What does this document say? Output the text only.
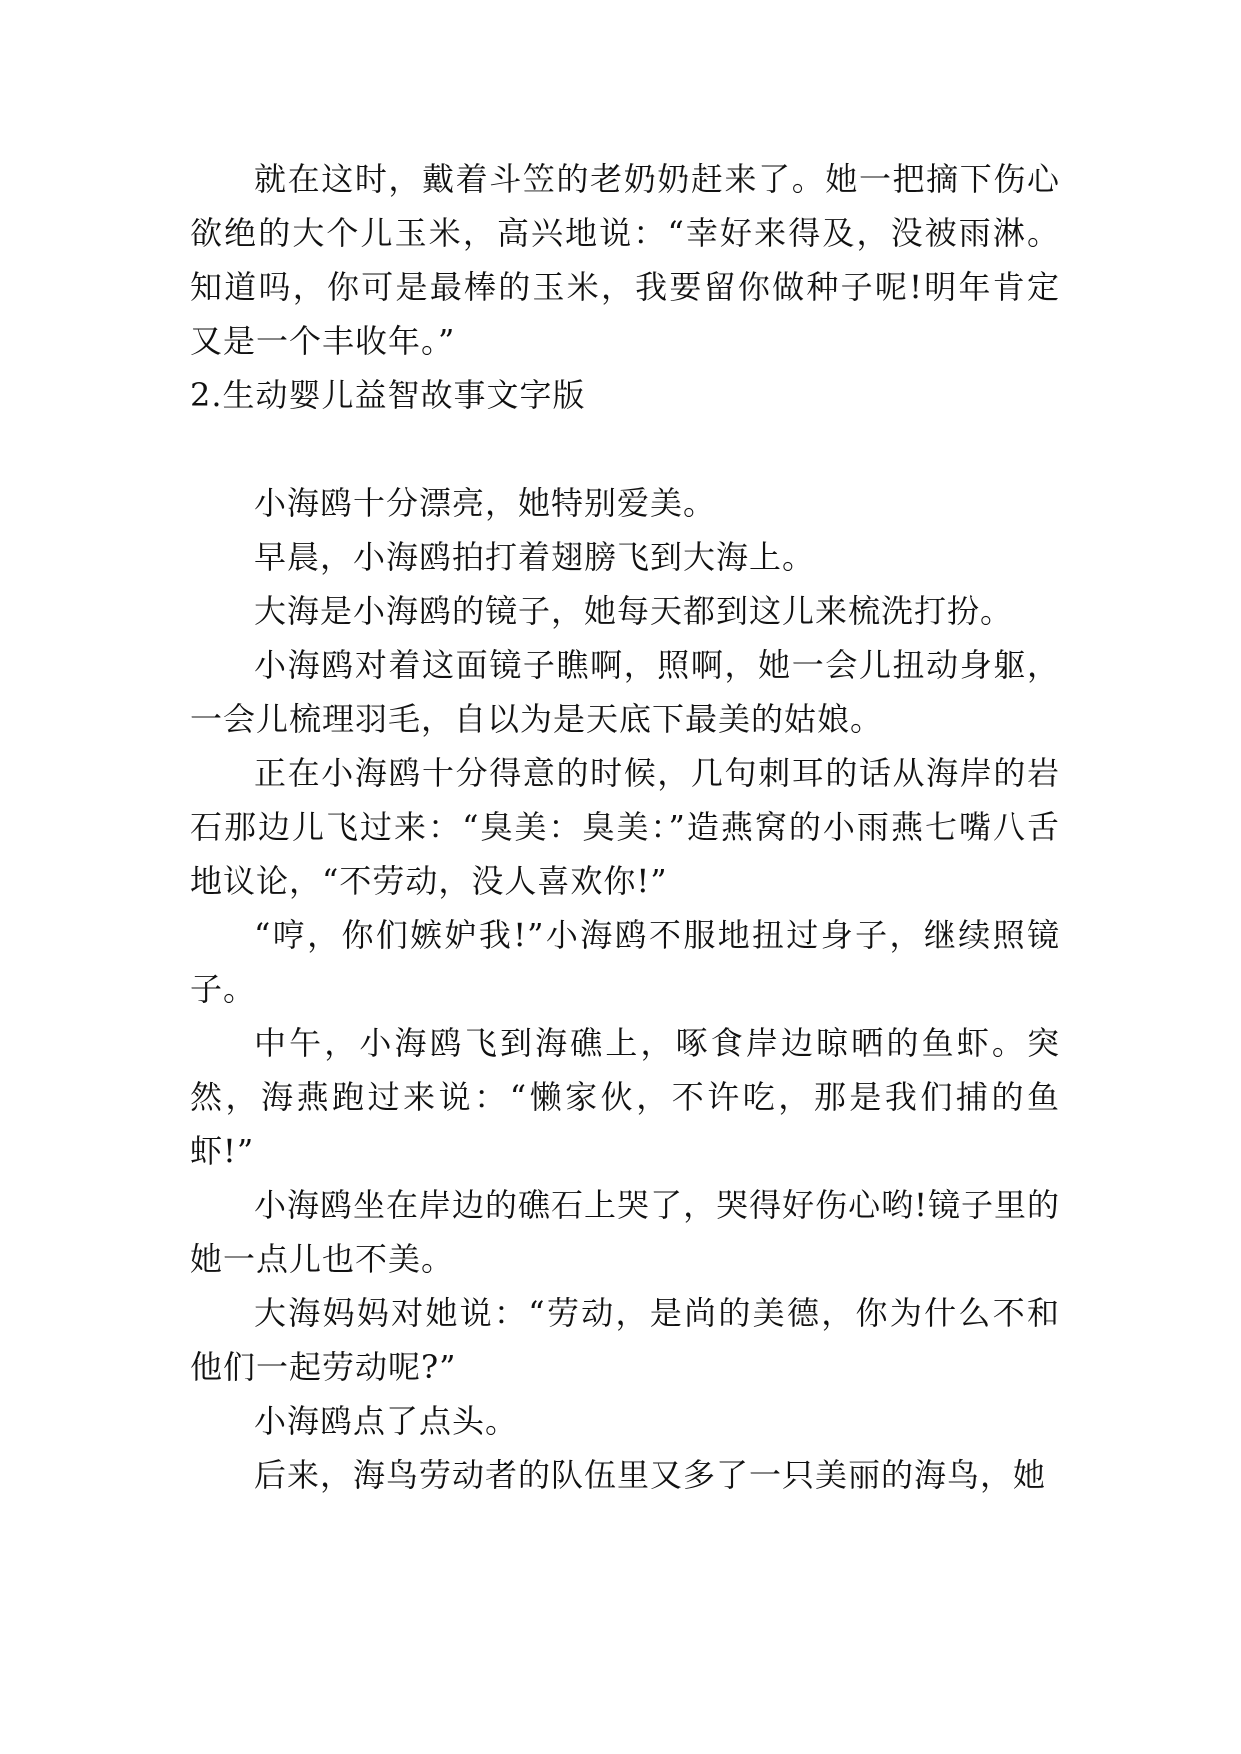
就在这时，戴着斗笠的老奶奶赶来了。她一把摘下伤心欲绝的大个儿玉米，高兴地说：“幸好来得及，没被雨淋。知道吗，你可是最棒的玉米，我要留你做种子呢!明年肯定又是一个丰收年。”

2.生动婴儿益智故事文字版

小海鸥十分漂亮，她特别爱美。

早晨，小海鸥拍打着翅膀飞到大海上。

大海是小海鸥的镜子，她每天都到这儿来梳洗打扮。

小海鸥对着这面镜子瞧啊，照啊，她一会儿扭动身躯，一会儿梳理羽毛，自以为是天底下最美的姑娘。

正在小海鸥十分得意的时候，几句刺耳的话从海岸的岩石那边儿飞过来：“臭美：臭美：”造燕窝的小雨燕七嘴八舌地议论，“不劳动，没人喜欢你!”

“哼，你们嫉妒我!”小海鸥不服地扭过身子，继续照镜子。

中午，小海鸥飞到海礁上，啄食岸边晾晒的鱼虾。突然，海燕跑过来说：“懒家伙，不许吃，那是我们捕的鱼虾!”

小海鸥坐在岸边的礁石上哭了，哭得好伤心哟!镜子里的她一点儿也不美。

大海妈妈对她说：“劳动，是尚的美德，你为什么不和他们一起劳动呢?”

小海鸥点了点头。

后来，海鸟劳动者的队伍里又多了一只美丽的海鸟，她
